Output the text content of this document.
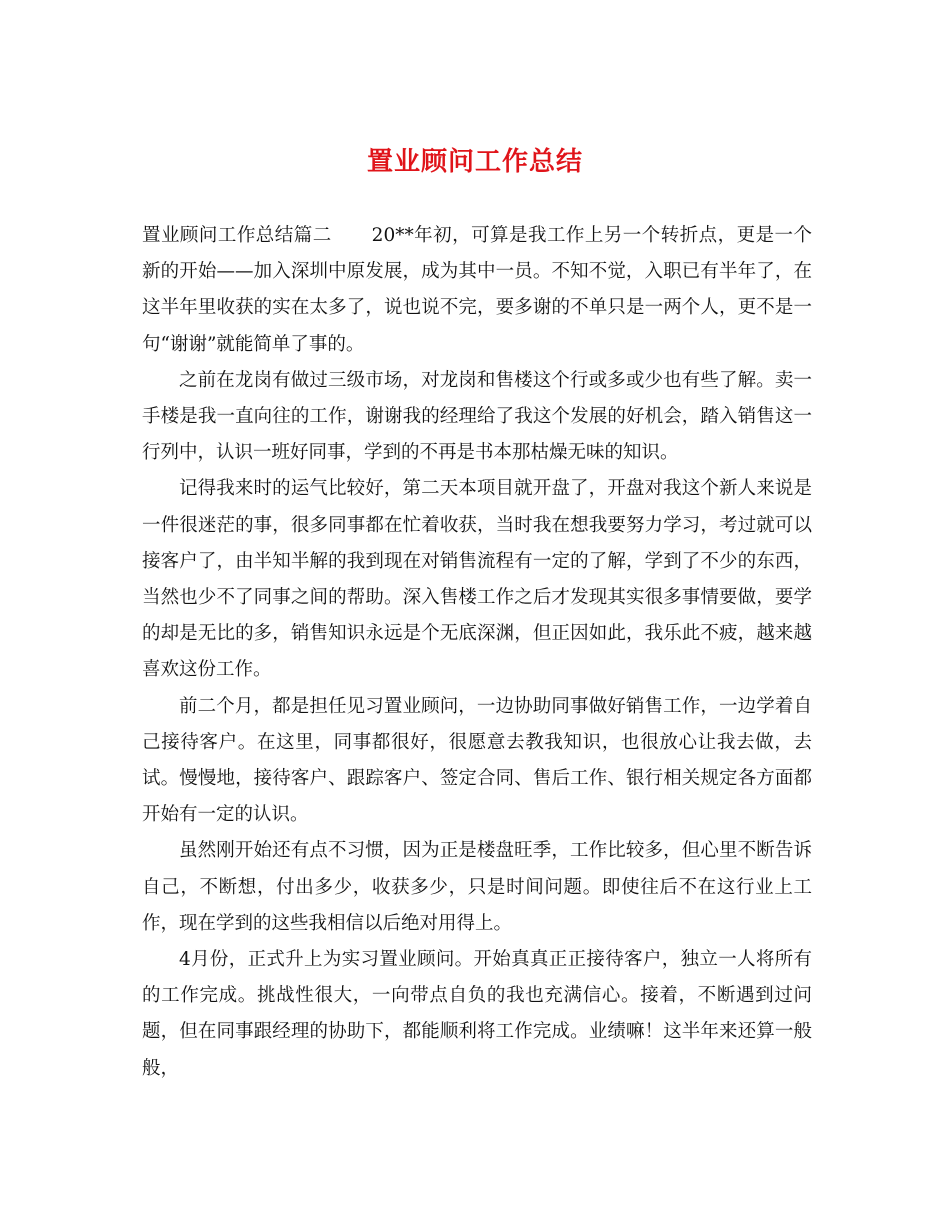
置业顾问工作总结

置业顾问工作总结篇二 20**年初，可算是我工作上另一个转折点，更是一个新的开始——加入深圳中原发展，成为其中一员。不知不觉，入职已有半年了，在这半年里收获的实在太多了，说也说不完，要多谢的不单只是一两个人，更不是一句“谢谢”就能简单了事的。

之前在龙岗有做过三级市场，对龙岗和售楼这个行或多或少也有些了解。卖一手楼是我一直向往的工作，谢谢我的经理给了我这个发展的好机会，踏入销售这一行列中，认识一班好同事，学到的不再是书本那枯燥无味的知识。

记得我来时的运气比较好，第二天本项目就开盘了，开盘对我这个新人来说是一件很迷茫的事，很多同事都在忙着收获，当时我在想我要努力学习，考过就可以接客户了，由半知半解的我到现在对销售流程有一定的了解，学到了不少的东西，当然也少不了同事之间的帮助。深入售楼工作之后才发现其实很多事情要做，要学的却是无比的多，销售知识永远是个无底深渊，但正因如此，我乐此不疲，越来越喜欢这份工作。

前二个月，都是担任见习置业顾问，一边协助同事做好销售工作，一边学着自己接待客户。在这里，同事都很好，很愿意去教我知识，也很放心让我去做，去试。慢慢地，接待客户、跟踪客户、签定合同、售后工作、银行相关规定各方面都开始有一定的认识。

虽然刚开始还有点不习惯，因为正是楼盘旺季，工作比较多，但心里不断告诉自己，不断想，付出多少，收获多少，只是时间问题。即使往后不在这行业上工作，现在学到的这些我相信以后绝对用得上。

4月份，正式升上为实习置业顾问。开始真真正正接待客户，独立一人将所有的工作完成。挑战性很大，一向带点自负的我也充满信心。接着，不断遇到过问题，但在同事跟经理的协助下，都能顺利将工作完成。业绩嘛！这半年来还算一般般，
